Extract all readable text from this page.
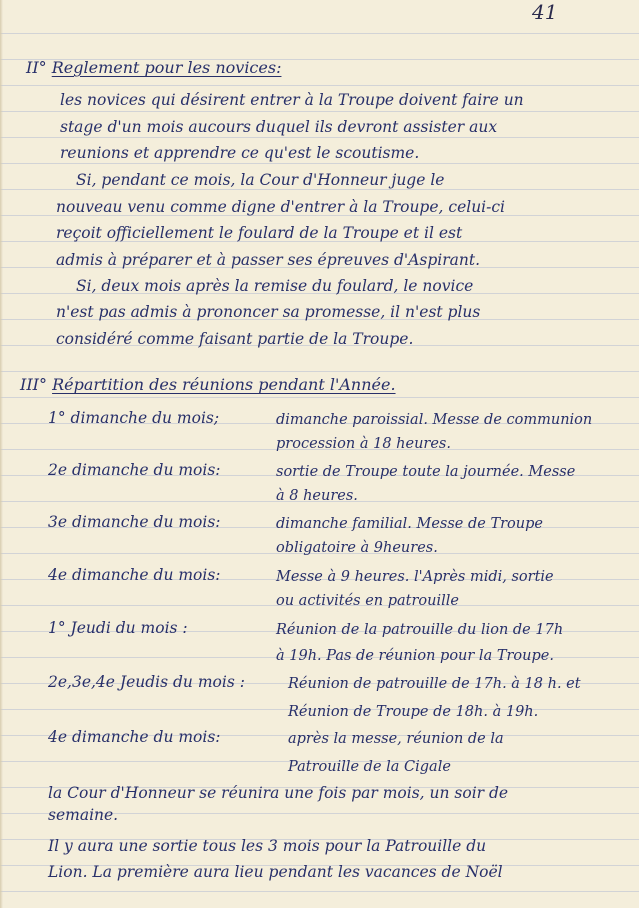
41
II° Reglement pour les novices:
les novices qui désirent entrer à la Troupe doivent faire un
stage d'un mois aucours duquel ils devront assister aux
reunions et apprendre ce qu'est le scoutisme.
Si, pendant ce mois, la Cour d'Honneur juge le
nouveau venu comme digne d'entrer à la Troupe, celui-ci
reçoit officiellement le foulard de la Troupe et il est
admis à préparer et à passer ses épreuves d'Aspirant.
Si, deux mois après la remise du foulard, le novice
n'est pas admis à prononcer sa promesse, il n'est plus
considéré comme faisant partie de la Troupe.
III° Répartition des réunions pendant l'Année.
1° dimanche du mois;	dimanche paroissial. Messe de communion
procession à 18 heures.
2e dimanche du mois:	sortie de Troupe toute la journée. Messe
à 8 heures.
3e dimanche du mois:	dimanche familial. Messe de Troupe
obligatoire à 9heures.
4e dimanche du mois:	Messe à 9 heures. l'Après midi, sortie
ou activités en patrouille
1° Jeudi du mois :	Réunion de la patrouille du lion de 17h
à 19h. Pas de réunion pour la Troupe.
2e,3e,4e Jeudis du mois :	Réunion de patrouille de 17h. à 18 h. et
Réunion de Troupe de 18h. à 19h.
4e dimanche du mois:	après la messe, réunion de la
Patrouille de la Cigale
la Cour d'Honneur se réunira une fois par mois, un soir de
semaine.
Il y aura une sortie tous les 3 mois pour la Patrouille du
Lion. La première aura lieu pendant les vacances de Noël
